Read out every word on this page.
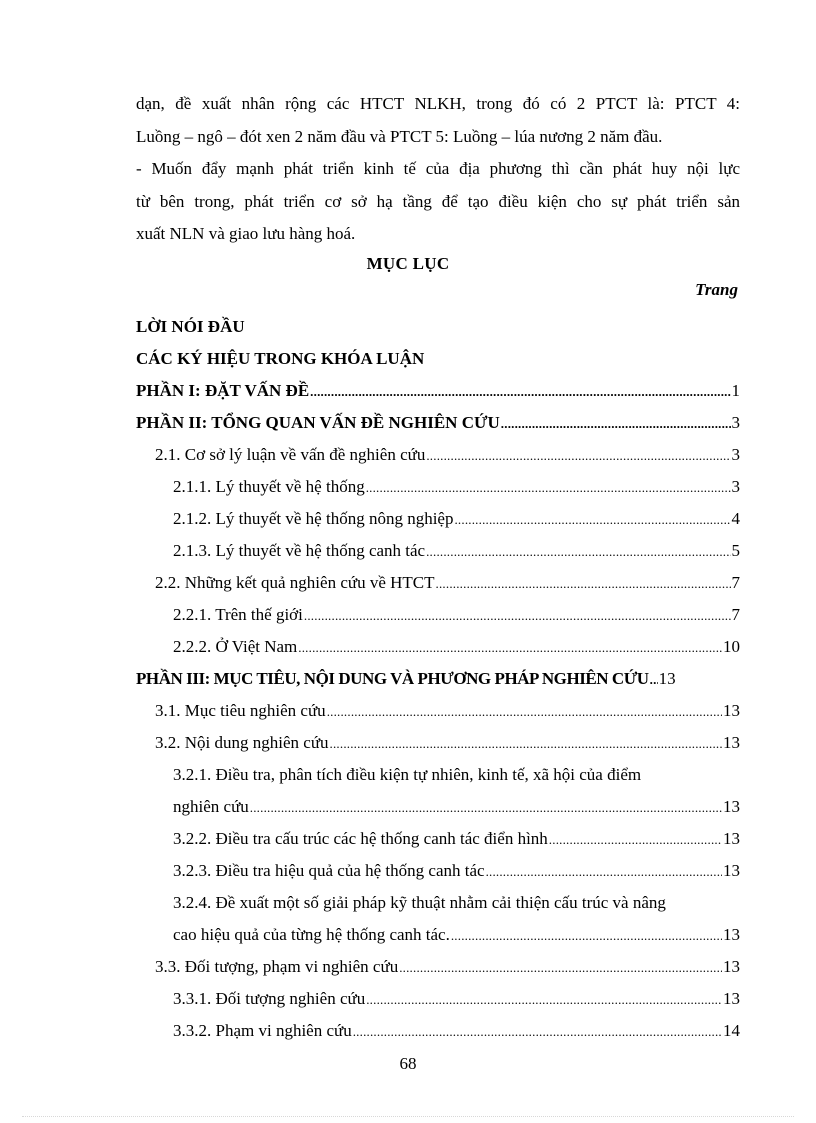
dạn, đề xuất nhân rộng các HTCT NLKH, trong đó có 2 PTCT là: PTCT 4:
Luồng – ngô – đót xen 2 năm đầu và PTCT 5: Luồng – lúa nương 2 năm đầu.
- Muốn đẩy mạnh phát triển kinh tế của địa phương thì cần phát huy nội lực
từ bên trong, phát triển cơ sở hạ tầng để tạo điều kiện cho sự phát triển sản
xuất NLN và giao lưu hàng hoá.
MỤC LỤC
Trang
LỜI NÓI ĐẦU
CÁC KÝ HIỆU TRONG KHÓA LUẬN
PHẦN I: ĐẶT VẤN ĐỀ .....	1
PHẦN II: TỔNG QUAN VẤN ĐỀ NGHIÊN CỨU .....	3
2.1. Cơ sở lý luận về vấn đề nghiên cứu .....	3
2.1.1. Lý thuyết về hệ thống .....	3
2.1.2. Lý thuyết về hệ thống nông nghiệp .....	4
2.1.3. Lý thuyết về hệ thống canh tác .....	5
2.2. Những kết quả nghiên cứu về HTCT .....	7
2.2.1. Trên thế giới .....	7
2.2.2. Ở Việt Nam .....	10
PHẦN III: MỤC TIÊU, NỘI DUNG VÀ PHƯƠNG PHÁP NGHIÊN CỨU ..... 13
3.1. Mục tiêu nghiên cứu .....	13
3.2. Nội dung nghiên cứu .....	13
3.2.1. Điều tra, phân tích điều kiện tự nhiên, kinh tế, xã hội của điểm
nghiên cứu .....	13
3.2.2. Điều tra cấu trúc các hệ thống canh tác điển hình .....	13
3.2.3. Điều tra hiệu quả của hệ thống canh tác .....	13
3.2.4. Đề xuất một số giải pháp kỹ thuật nhằm cải thiện cấu trúc và nâng
cao hiệu quả của từng hệ thống canh tác. .....	13
3.3. Đối tượng, phạm vi nghiên cứu .....	13
3.3.1. Đối tượng nghiên cứu .....	13
3.3.2. Phạm vi nghiên cứu .....	14
68
